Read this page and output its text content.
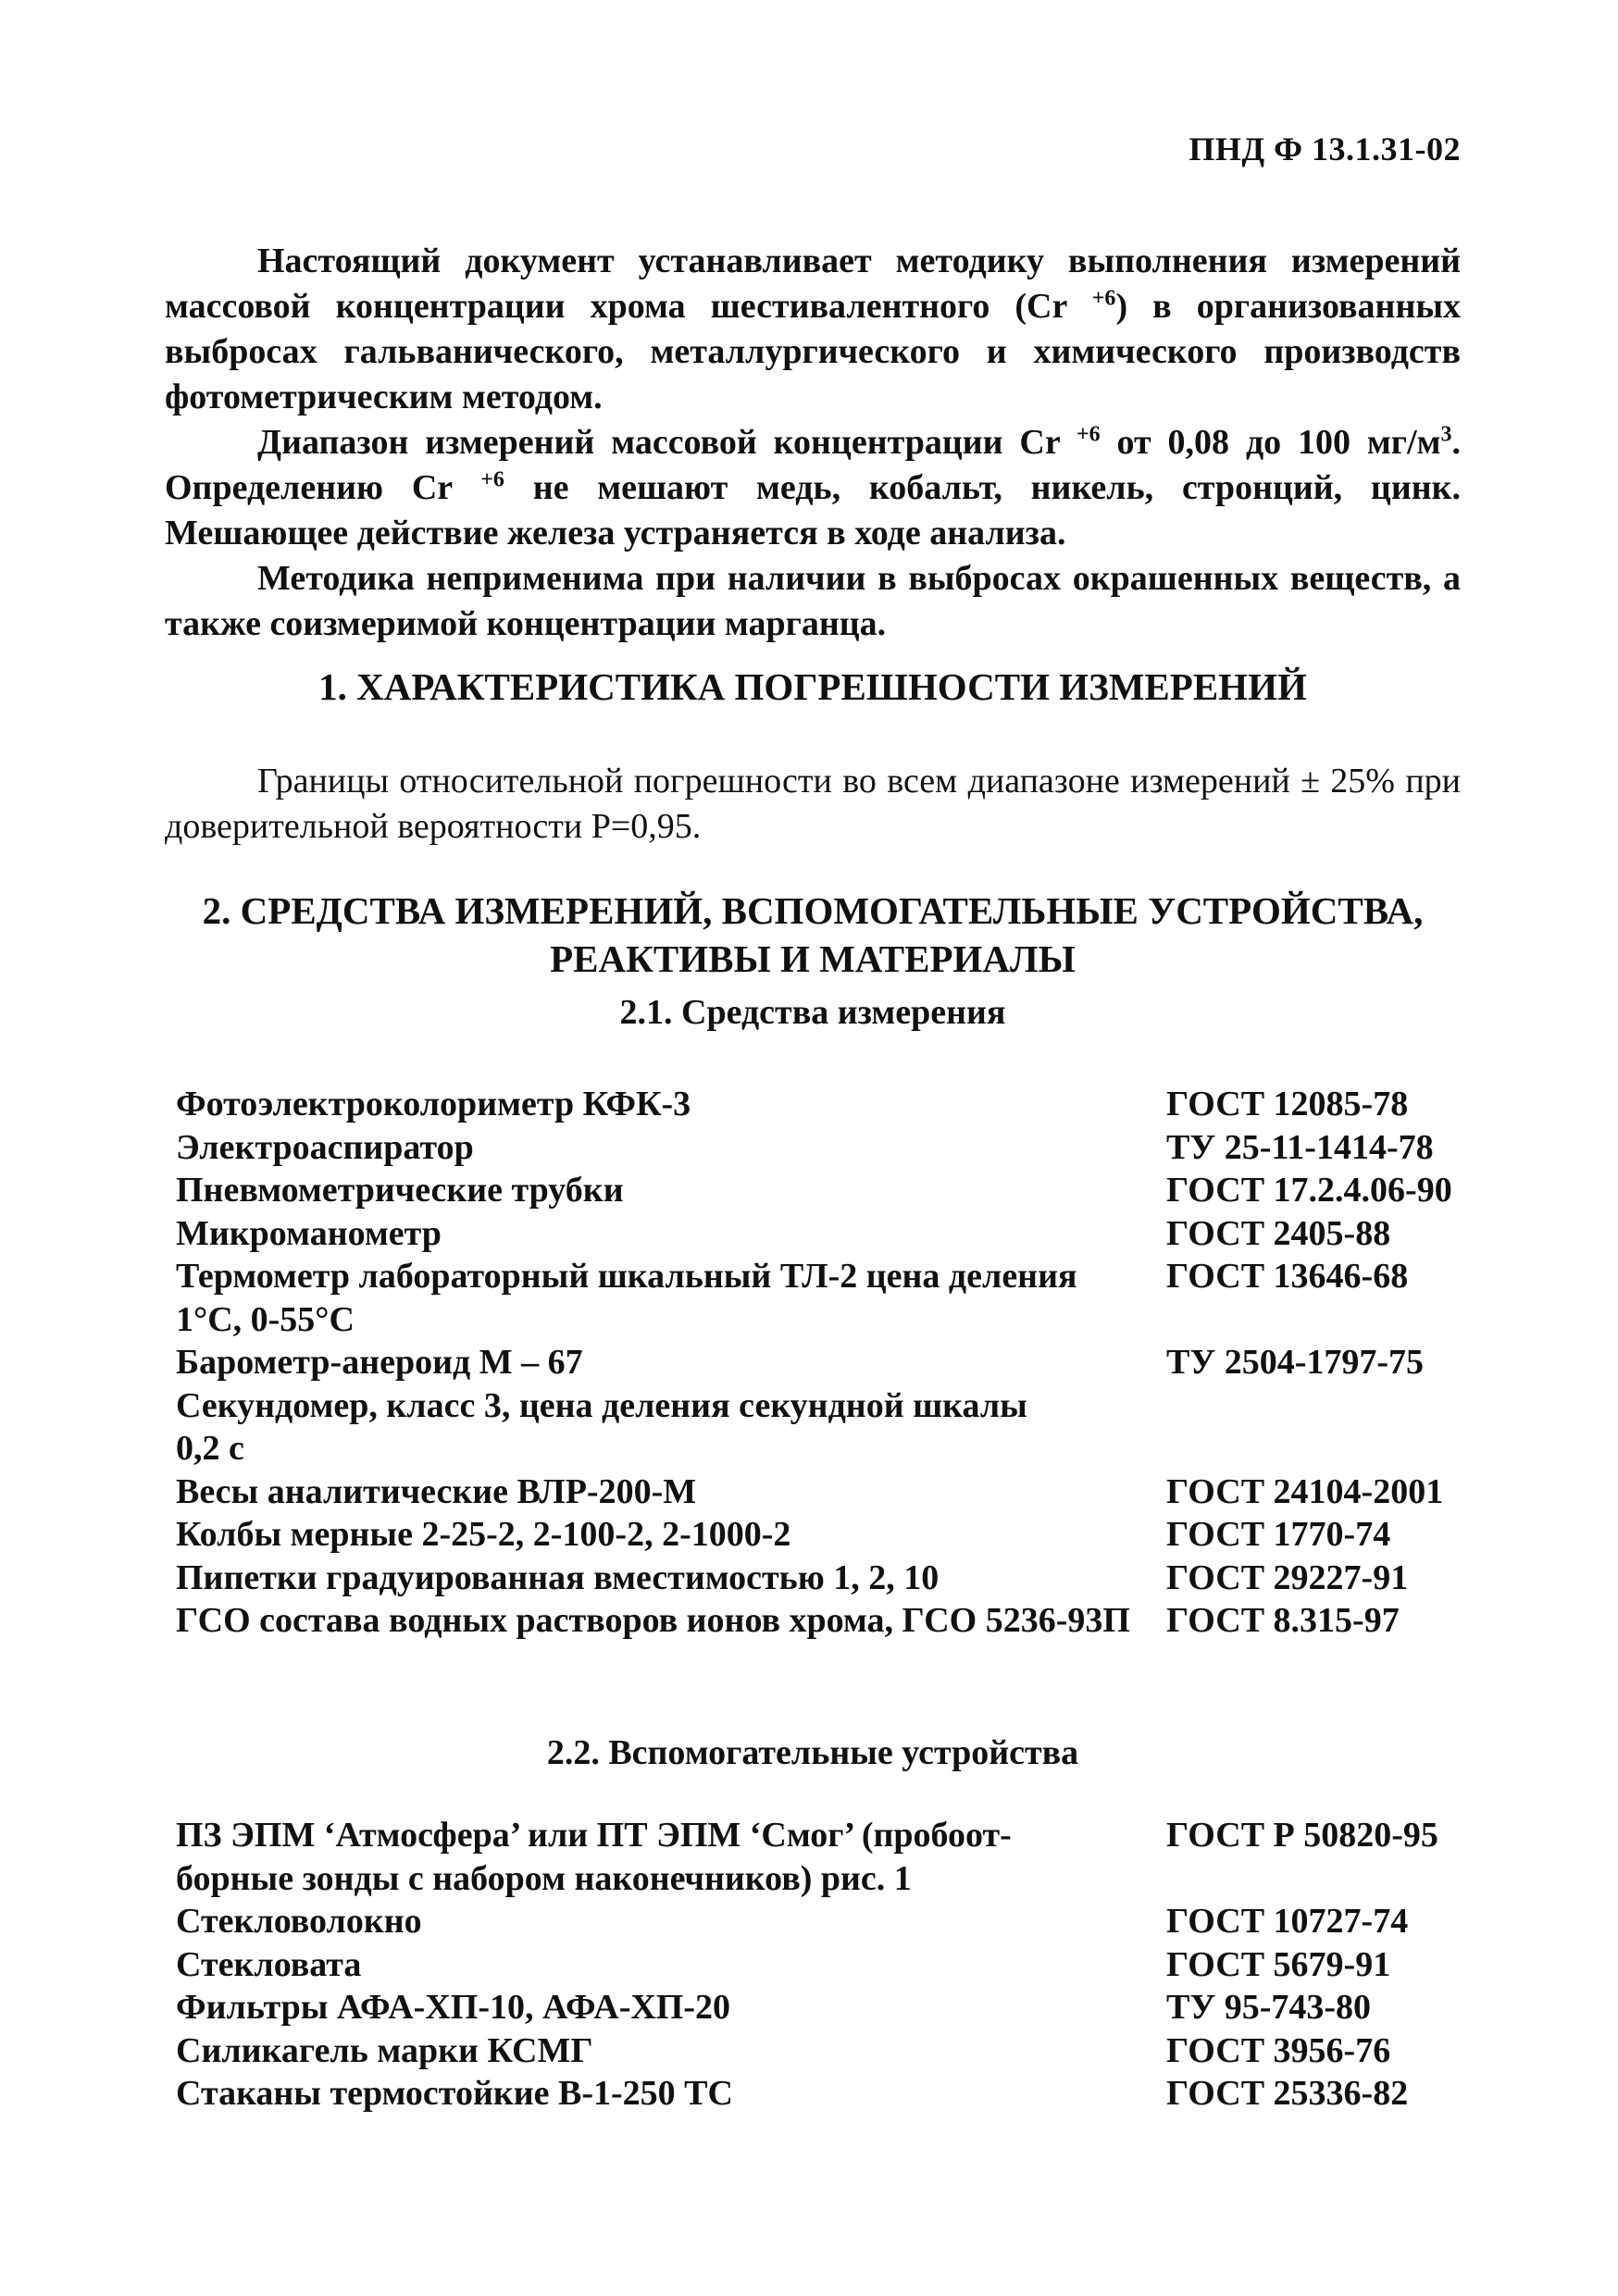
ПНД Ф 13.1.31-02

Настоящий документ устанавливает методику выполнения измерений массовой концентрации хрома шестивалентного (Cr $^{+6}$) в организованных выбросах гальванического, металлургического и химического производств фотометрическим методом.

Диапазон измерений массовой концентрации Cr $^{+6}$ от 0,08 до 100 $мг/м^3$. Определению Cr $^{+6}$ не мешают медь, кобальт, никель, стронций, цинк. Мешающее действие железа устраняется в ходе анализа.

Методика неприменима при наличии в выбросах окрашенных веществ, а также соизмеримой концентрации марганца.

1. ХАРАКТЕРИСТИКА ПОГРЕШНОСТИ ИЗМЕРЕНИЙ

Границы относительной погрешности во всем диапазоне измерений ± 25% при доверительной вероятности P=0,95.

2. СРЕДСТВА ИЗМЕРЕНИЙ, ВСПОМОГАТЕЛЬНЫЕ УСТРОЙСТВА,
РЕАКТИВЫ И МАТЕРИАЛЫ
2.1. Средства измерения
Фотоэлектроколориметр КФК-3	ГОСТ 12085-78
Электроаспиратор	ТУ 25-11-1414-78
Пневмометрические трубки	ГОСТ 17.2.4.06-90
Микроманометр	ГОСТ 2405-88
Термометр лабораторный шкальный ТЛ-2 цена деления	ГОСТ 13646-68
1°С, 0-55°С
Барометр-анероид М – 67	ТУ 2504-1797-75
Секундомер, класс 3, цена деления секундной шкалы
0,2 с
Весы аналитические ВЛР-200-М	ГОСТ 24104-2001
Колбы мерные 2-25-2, 2-100-2, 2-1000-2	ГОСТ 1770-74
Пипетки градуированная вместимостью 1, 2, 10	ГОСТ 29227-91
ГСО состава водных растворов ионов хрома, ГСО 5236-93П	ГОСТ 8.315-97
2.2. Вспомогательные устройства
ПЗ ЭПМ ‘Атмосфера’ или ПТ ЭПМ ‘Смог’ (пробоот-	ГОСТ Р 50820-95
борные зонды с набором наконечников) рис. 1
Стекловолокно	ГОСТ 10727-74
Стекловата	ГОСТ 5679-91
Фильтры АФА-ХП-10, АФА-ХП-20	ТУ 95-743-80
Силикагель марки КСМГ	ГОСТ 3956-76
Стаканы термостойкие В-1-250 ТС	ГОСТ 25336-82
